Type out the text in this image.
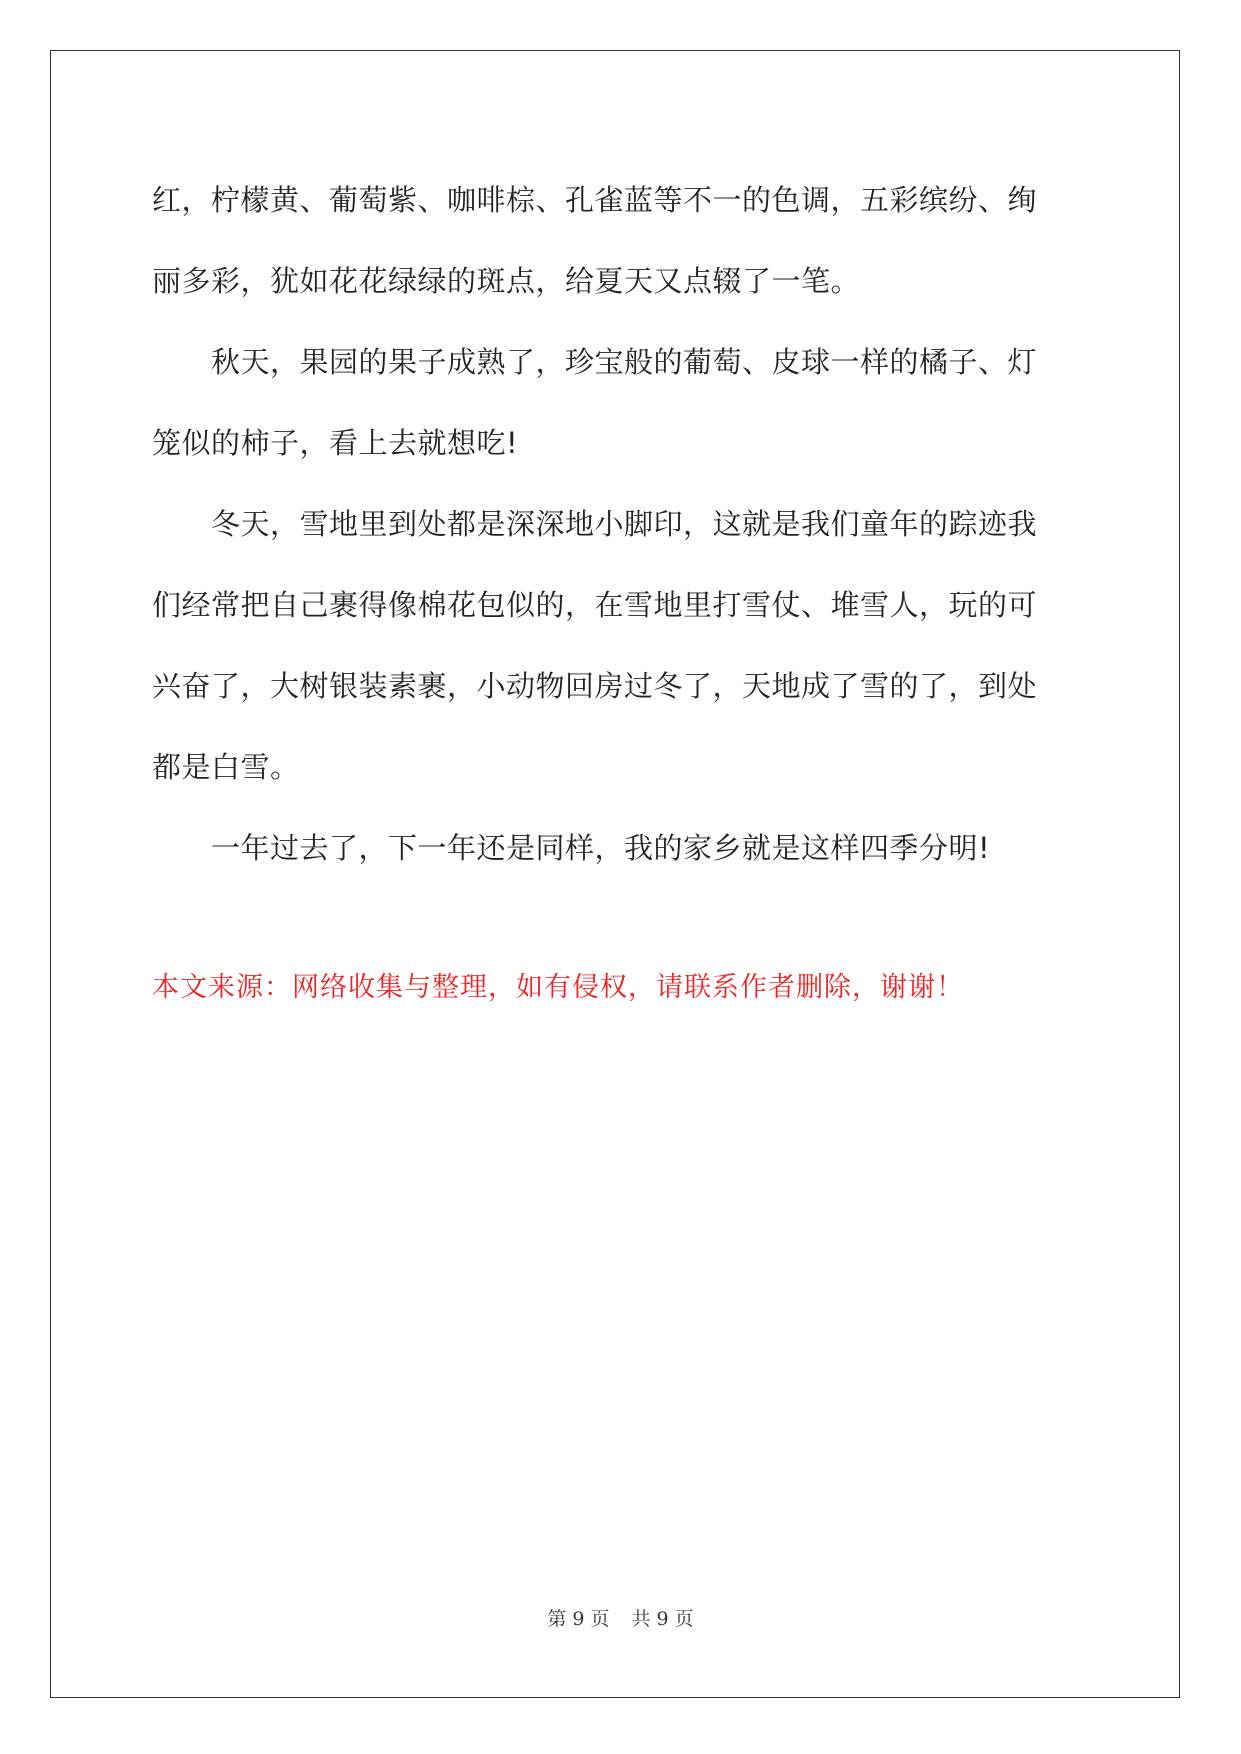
红，柠檬黄、葡萄紫、咖啡棕、孔雀蓝等不一的色调，五彩缤纷、绚
丽多彩，犹如花花绿绿的斑点，给夏天又点辍了一笔。
　　秋天，果园的果子成熟了，珍宝般的葡萄、皮球一样的橘子、灯
笼似的柿子，看上去就想吃!
　　冬天，雪地里到处都是深深地小脚印，这就是我们童年的踪迹我
们经常把自己裹得像棉花包似的，在雪地里打雪仗、堆雪人，玩的可
兴奋了，大树银装素裹，小动物回房过冬了，天地成了雪的了，到处
都是白雪。
　　一年过去了，下一年还是同样，我的家乡就是这样四季分明!

本文来源：网络收集与整理，如有侵权，请联系作者删除，谢谢！
第 9 页 共 9 页
